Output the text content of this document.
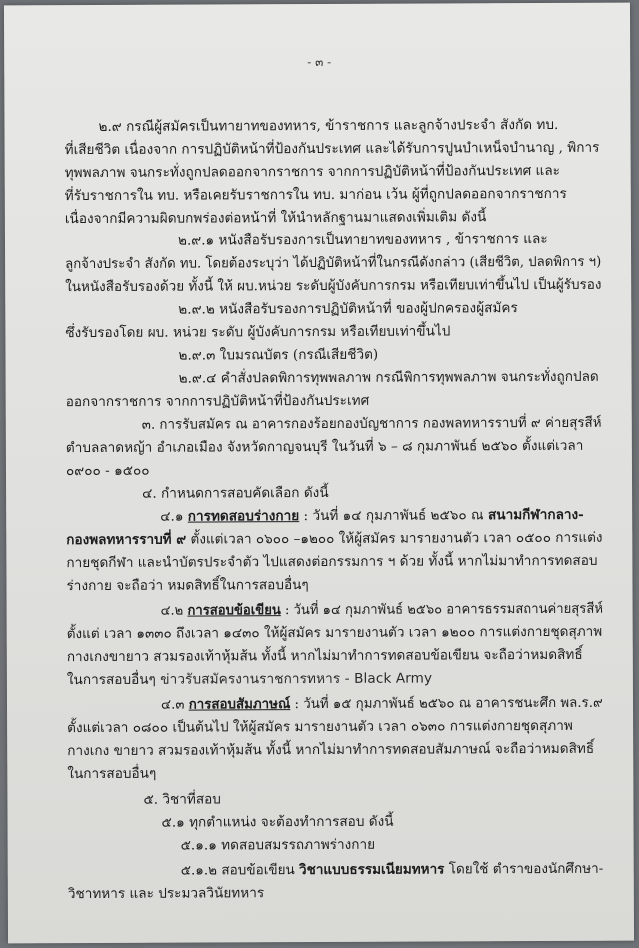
- ๓ -
๒.๙ กรณีผู้สมัครเป็นทายาทของทหาร, ข้าราชการ และลูกจ้างประจำ สังกัด ทบ.
ที่เสียชีวิต เนื่องจาก การปฏิบัติหน้าที่ป้องกันประเทศ และได้รับการปูนบำเหน็จบำนาญ , พิการ
ทุพพลภาพ จนกระทั่งถูกปลดออกจากราชการ จากการปฏิบัติหน้าที่ป้องกันประเทศ และ
ที่รับราชการใน ทบ. หรือเคยรับราชการใน ทบ. มาก่อน เว้น ผู้ที่ถูกปลดออกจากราชการ
เนื่องจากมีความผิดบกพร่องต่อหน้าที่ ให้นำหลักฐานมาแสดงเพิ่มเติม ดังนี้
๒.๙.๑ หนังสือรับรองการเป็นทายาทของทหาร , ข้าราชการ และ
ลูกจ้างประจำ สังกัด ทบ. โดยต้องระบุว่า ได้ปฏิบัติหน้าที่ในกรณีดังกล่าว (เสียชีวิต, ปลดพิการ ฯ)
ในหนังสือรับรองด้วย ทั้งนี้ ให้ ผบ.หน่วย ระดับผู้บังคับการกรม หรือเทียบเท่าขึ้นไป เป็นผู้รับรอง
๒.๙.๒ หนังสือรับรองการปฏิบัติหน้าที่ ของผู้ปกครองผู้สมัคร
ซึ่งรับรองโดย ผบ. หน่วย ระดับ ผู้บังคับการกรม หรือเทียบเท่าขึ้นไป
๒.๙.๓ ใบมรณบัตร (กรณีเสียชีวิต)
๒.๙.๔ คำสั่งปลดพิการทุพพลภาพ กรณีพิการทุพพลภาพ จนกระทั่งถูกปลด
ออกจากราชการ จากการปฏิบัติหน้าที่ป้องกันประเทศ
๓. การรับสมัคร ณ อาคารกองร้อยกองบัญชาการ กองพลทหารราบที่ ๙ ค่ายสุรสีห์
ตำบลลาดหญ้า อำเภอเมือง จังหวัดกาญจนบุรี ในวันที่ ๖ – ๘ กุมภาพันธ์ ๒๕๖๐ ตั้งแต่เวลา
๐๙๐๐ - ๑๕๐๐
๔. กำหนดการสอบคัดเลือก ดังนี้
๔.๑ การทดสอบร่างกาย : วันที่ ๑๔ กุมภาพันธ์ ๒๕๖๐ ณ สนามกีฬากลาง-
กองพลทหารราบที่ ๙ ตั้งแต่เวลา ๐๖๐๐ –๑๒๐๐ ให้ผู้สมัคร มารายงานตัว เวลา ๐๕๐๐ การแต่ง
กายชุดกีฬา และนำบัตรประจำตัว ไปแสดงต่อกรรมการ ฯ ด้วย ทั้งนี้ หากไม่มาทำการทดสอบ
ร่างกาย จะถือว่า หมดสิทธิ์ในการสอบอื่นๆ
๔.๒ การสอบข้อเขียน : วันที่ ๑๔ กุมภาพันธ์ ๒๕๖๐ อาคารธรรมสถานค่ายสุรสีห์
ตั้งแต่ เวลา ๑๓๓๐ ถึงเวลา ๑๔๓๐ ให้ผู้สมัคร มารายงานตัว เวลา ๑๒๐๐ การแต่งกายชุดสุภาพ
กางเกงขายาว สวมรองเท้าหุ้มส้น ทั้งนี้ หากไม่มาทำการทดสอบข้อเขียน จะถือว่าหมดสิทธิ์
ในการสอบอื่นๆ ข่าวรับสมัครงานราชการทหาร - Black Army
๔.๓ การสอบสัมภาษณ์ : วันที่ ๑๕ กุมภาพันธ์ ๒๕๖๐ ณ อาคารชนะศึก พล.ร.๙
ตั้งแต่เวลา ๐๘๐๐ เป็นต้นไป ให้ผู้สมัคร มารายงานตัว เวลา ๐๖๓๐ การแต่งกายชุดสุภาพ
กางเกง ขายาว สวมรองเท้าหุ้มส้น ทั้งนี้ หากไม่มาทำการทดสอบสัมภาษณ์ จะถือว่าหมดสิทธิ์
ในการสอบอื่นๆ
๕. วิชาที่สอบ
๕.๑ ทุกตำแหน่ง จะต้องทำการสอบ ดังนี้
๕.๑.๑ ทดสอบสมรรถภาพร่างกาย
๕.๑.๒ สอบข้อเขียน วิชาแบบธรรมเนียมทหาร โดยใช้ ตำราของนักศึกษา-
วิชาทหาร และ ประมวลวินัยทหาร
